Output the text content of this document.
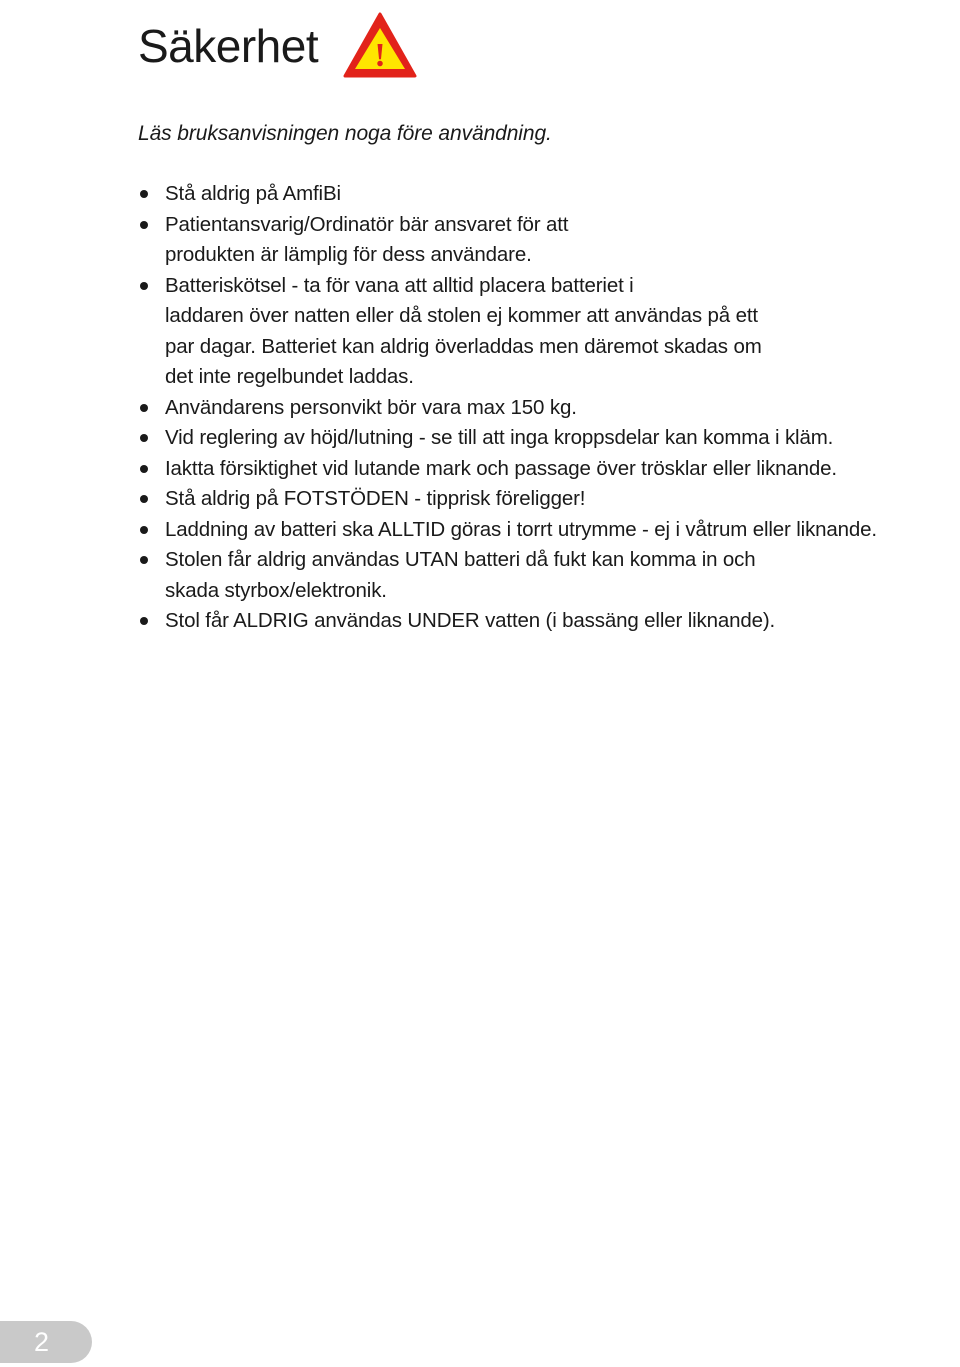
Säkerhet !
Läs bruksanvisningen noga före användning.
Stå aldrig på AmfiBi
Patientansvarig/Ordinatör bär ansvaret för att
produkten är lämplig för dess användare.
Batteriskötsel - ta för vana att alltid placera batteriet i
laddaren över natten eller då stolen ej kommer att användas på ett
par dagar. Batteriet kan aldrig överladdas men däremot skadas om
det inte regelbundet laddas.
Användarens personvikt bör vara max 150 kg.
Vid reglering av höjd/lutning - se till att inga kroppsdelar kan komma i kläm.
Iaktta försiktighet vid lutande mark och passage över trösklar eller liknande.
Stå aldrig på FOTSTÖDEN - tipprisk föreligger!
Laddning av batteri ska ALLTID göras i torrt utrymme - ej i våtrum eller liknande.
Stolen får aldrig användas UTAN batteri då fukt kan komma in och
skada styrbox/elektronik.
Stol får ALDRIG användas UNDER vatten (i bassäng eller liknande).
2
